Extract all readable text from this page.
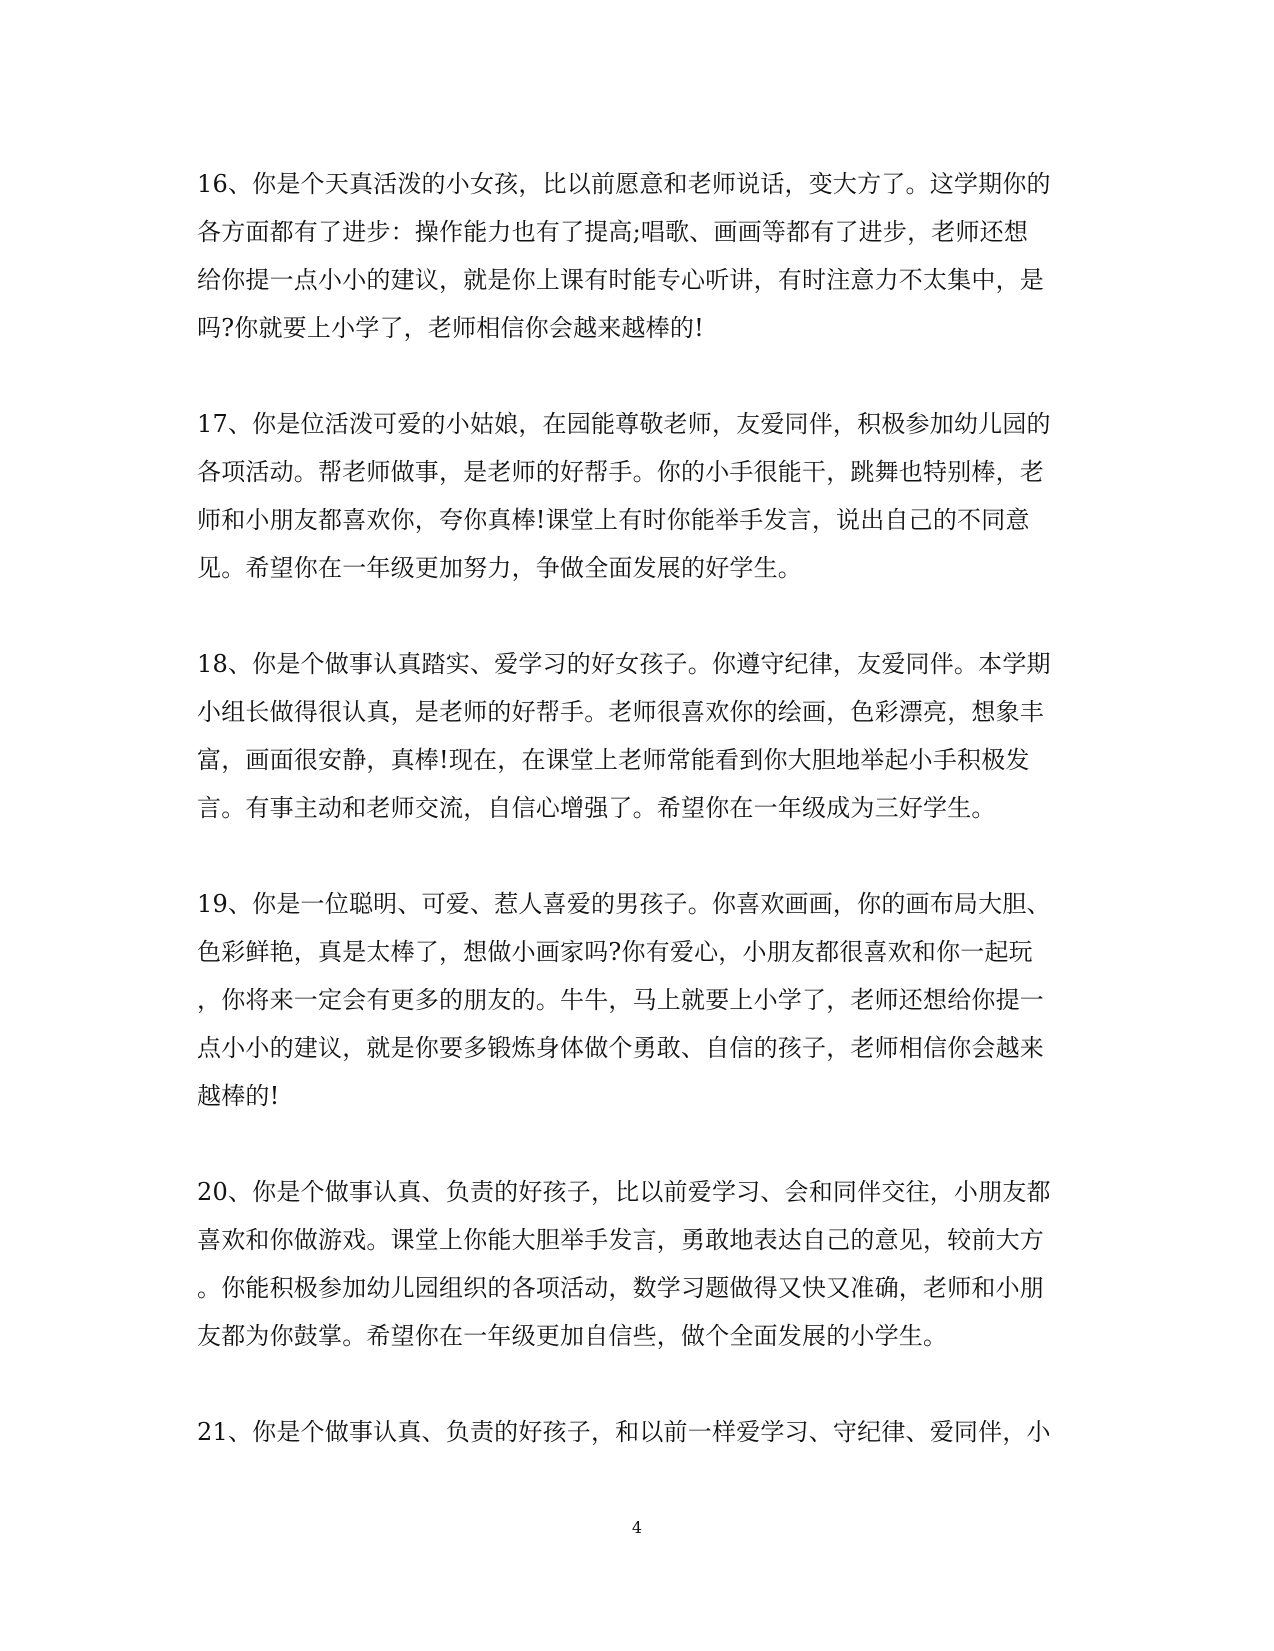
16、你是个天真活泼的小女孩，比以前愿意和老师说话，变大方了。这学期你的
各方面都有了进步：操作能力也有了提高;唱歌、画画等都有了进步，老师还想
给你提一点小小的建议，就是你上课有时能专心听讲，有时注意力不太集中，是
吗?你就要上小学了，老师相信你会越来越棒的!
17、你是位活泼可爱的小姑娘，在园能尊敬老师，友爱同伴，积极参加幼儿园的
各项活动。帮老师做事，是老师的好帮手。你的小手很能干，跳舞也特别棒，老
师和小朋友都喜欢你，夸你真棒!课堂上有时你能举手发言，说出自己的不同意
见。希望你在一年级更加努力，争做全面发展的好学生。
18、你是个做事认真踏实、爱学习的好女孩子。你遵守纪律，友爱同伴。本学期
小组长做得很认真，是老师的好帮手。老师很喜欢你的绘画，色彩漂亮，想象丰
富，画面很安静，真棒!现在，在课堂上老师常能看到你大胆地举起小手积极发
言。有事主动和老师交流，自信心增强了。希望你在一年级成为三好学生。
19、你是一位聪明、可爱、惹人喜爱的男孩子。你喜欢画画，你的画布局大胆、
色彩鲜艳，真是太棒了，想做小画家吗?你有爱心，小朋友都很喜欢和你一起玩
，你将来一定会有更多的朋友的。牛牛，马上就要上小学了，老师还想给你提一
点小小的建议，就是你要多锻炼身体做个勇敢、自信的孩子，老师相信你会越来
越棒的!
20、你是个做事认真、负责的好孩子，比以前爱学习、会和同伴交往，小朋友都
喜欢和你做游戏。课堂上你能大胆举手发言，勇敢地表达自己的意见，较前大方
。你能积极参加幼儿园组织的各项活动，数学习题做得又快又准确，老师和小朋
友都为你鼓掌。希望你在一年级更加自信些，做个全面发展的小学生。
21、你是个做事认真、负责的好孩子，和以前一样爱学习、守纪律、爱同伴，小
4
